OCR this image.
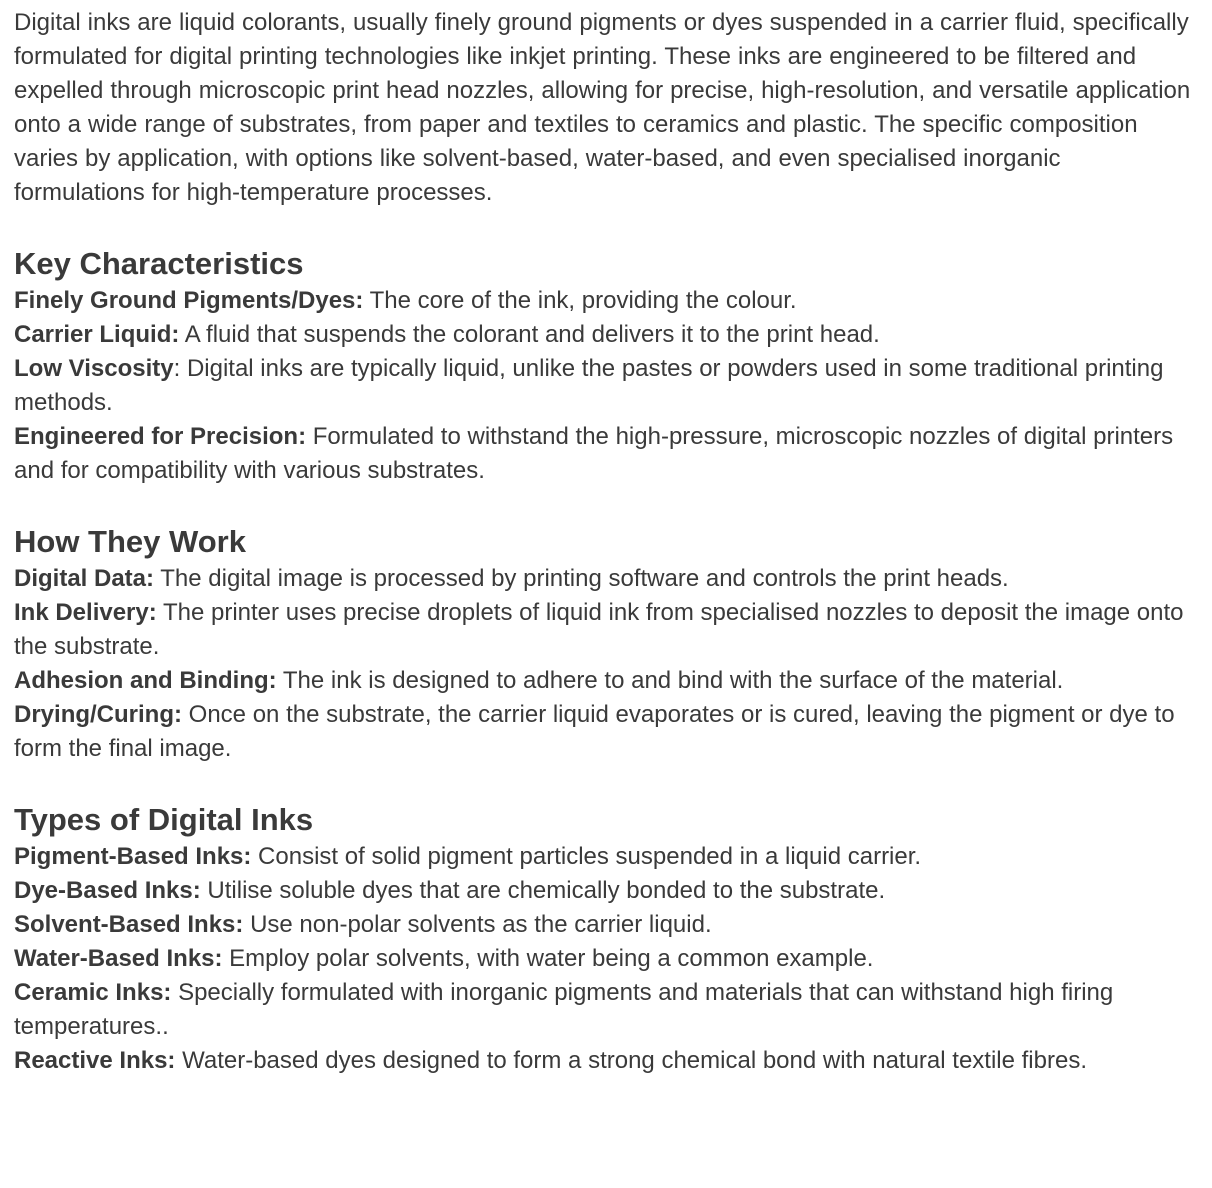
Digital inks are liquid colorants, usually finely ground pigments or dyes suspended in a carrier fluid, specifically formulated for digital printing technologies like inkjet printing. These inks are engineered to be filtered and expelled through microscopic print head nozzles, allowing for precise, high-resolution, and versatile application onto a wide range of substrates, from paper and textiles to ceramics and plastic. The specific composition varies by application, with options like solvent-based, water-based, and even specialised inorganic formulations for high-temperature processes.

Key Characteristics

Finely Ground Pigments/Dyes: The core of the ink, providing the colour.

Carrier Liquid: A fluid that suspends the colorant and delivers it to the print head.

Low Viscosity: Digital inks are typically liquid, unlike the pastes or powders used in some traditional printing methods.

Engineered for Precision: Formulated to withstand the high-pressure, microscopic nozzles of digital printers and for compatibility with various substrates.

How They Work

Digital Data: The digital image is processed by printing software and controls the print heads.

Ink Delivery: The printer uses precise droplets of liquid ink from specialised nozzles to deposit the image onto the substrate.

Adhesion and Binding: The ink is designed to adhere to and bind with the surface of the material.

Drying/Curing: Once on the substrate, the carrier liquid evaporates or is cured, leaving the pigment or dye to form the final image.

Types of Digital Inks

Pigment-Based Inks: Consist of solid pigment particles suspended in a liquid carrier.

Dye-Based Inks: Utilise soluble dyes that are chemically bonded to the substrate.

Solvent-Based Inks: Use non-polar solvents as the carrier liquid.

Water-Based Inks: Employ polar solvents, with water being a common example.

Ceramic Inks: Specially formulated with inorganic pigments and materials that can withstand high firing temperatures..

Reactive Inks: Water-based dyes designed to form a strong chemical bond with natural textile fibres.
